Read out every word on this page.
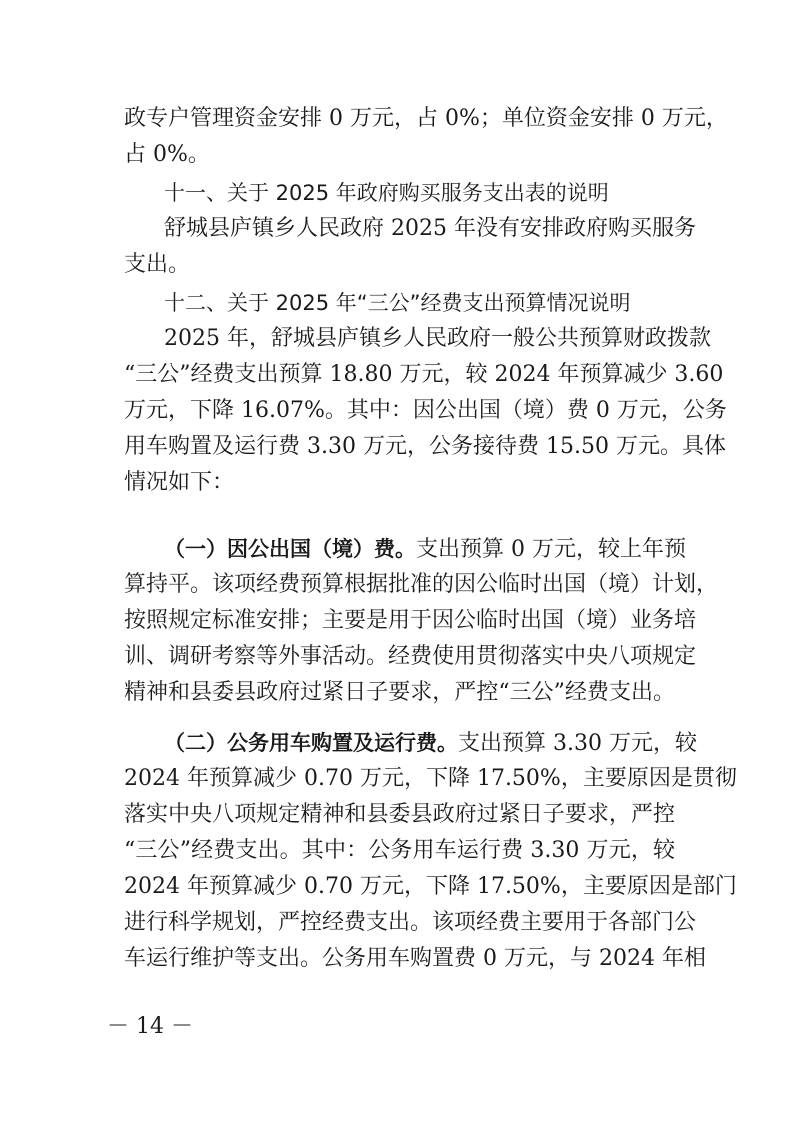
政专户管理资金安排 0 万元，占 0%；单位资金安排 0 万元，
占 0%。
十一、关于 2025 年政府购买服务支出表的说明
舒城县庐镇乡人民政府 2025 年没有安排政府购买服务
支出。
十二、关于 2025 年“三公”经费支出预算情况说明
2025 年，舒城县庐镇乡人民政府一般公共预算财政拨款
“三公”经费支出预算 18.80 万元，较 2024 年预算减少 3.60
万元，下降 16.07%。其中：因公出国（境）费 0 万元，公务
用车购置及运行费 3.30 万元，公务接待费 15.50 万元。具体
情况如下：
（一）因公出国（境）费。支出预算 0 万元，较上年预
算持平。该项经费预算根据批准的因公临时出国（境）计划，
按照规定标准安排；主要是用于因公临时出国（境）业务培
训、调研考察等外事活动。经费使用贯彻落实中央八项规定
精神和县委县政府过紧日子要求，严控“三公”经费支出。
（二）公务用车购置及运行费。支出预算 3.30 万元，较
2024 年预算减少 0.70 万元，下降 17.50%，主要原因是贯彻
落实中央八项规定精神和县委县政府过紧日子要求，严控
“三公”经费支出。其中：公务用车运行费 3.30 万元，较
2024 年预算减少 0.70 万元，下降 17.50%，主要原因是部门
进行科学规划，严控经费支出。该项经费主要用于各部门公
车运行维护等支出。公务用车购置费 0 万元，与 2024 年相
－ 14 －
